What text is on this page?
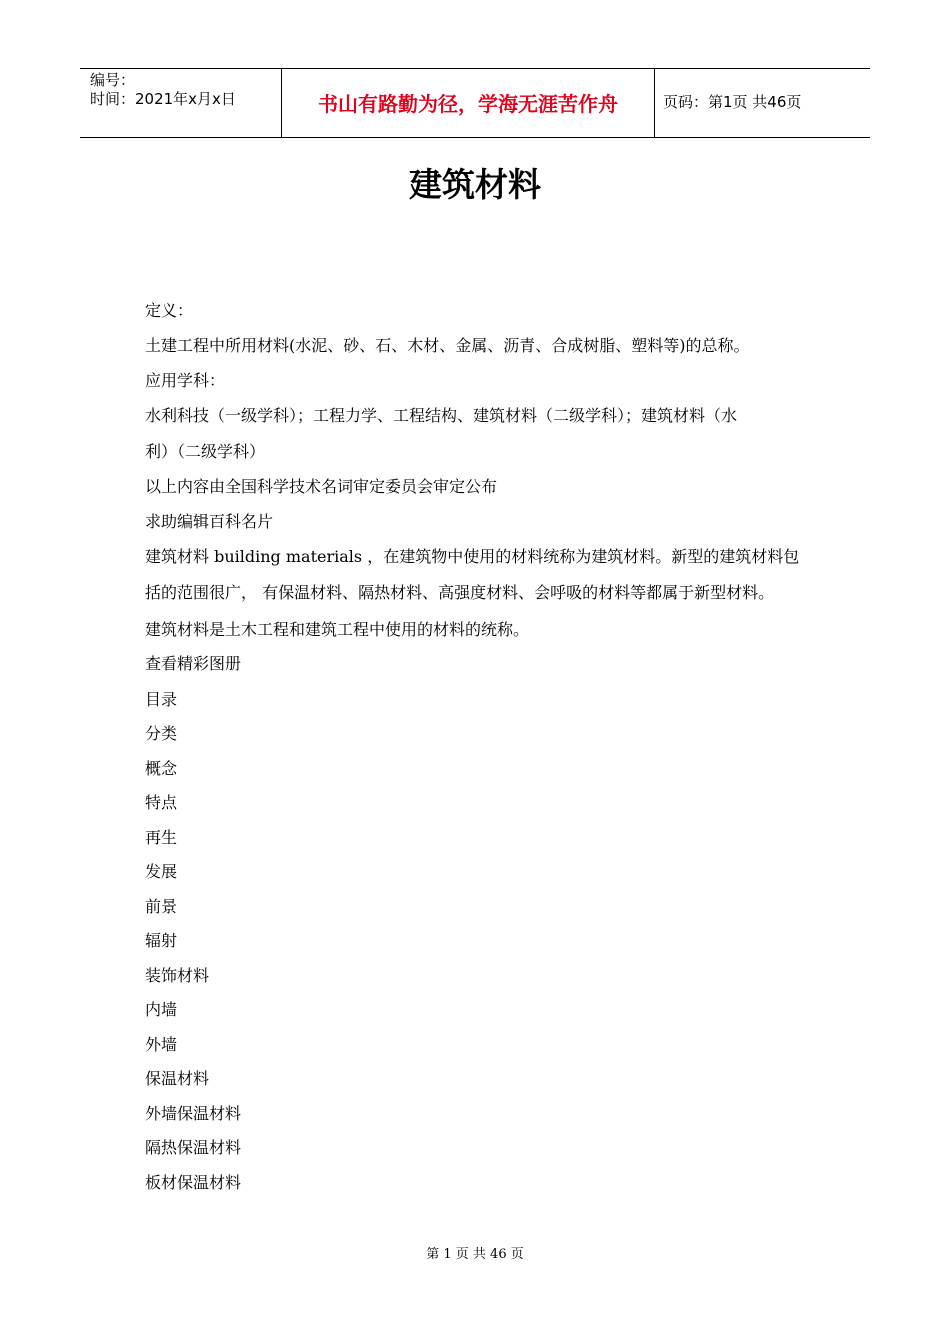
编号：
时间：2021年x月x日	书山有路勤为径，学海无涯苦作舟	页码：第1页 共46页
建筑材料
定义：
土建工程中所用材料(水泥、砂、石、木材、金属、沥青、合成树脂、塑料等)的总称。
应用学科：
水利科技（一级学科）；工程力学、工程结构、建筑材料（二级学科）；建筑材料（水
利）（二级学科）
以上内容由全国科学技术名词审定委员会审定公布
求助编辑百科名片
建筑材料 building materials ，在建筑物中使用的材料统称为建筑材料。新型的建筑材料包
括的范围很广， 有保温材料、隔热材料、高强度材料、会呼吸的材料等都属于新型材料。
建筑材料是土木工程和建筑工程中使用的材料的统称。
查看精彩图册
目录
分类
概念
特点
再生
发展
前景
辐射
装饰材料
内墙
外墙
保温材料
外墙保温材料
隔热保温材料
板材保温材料
第 1 页 共 46 页
